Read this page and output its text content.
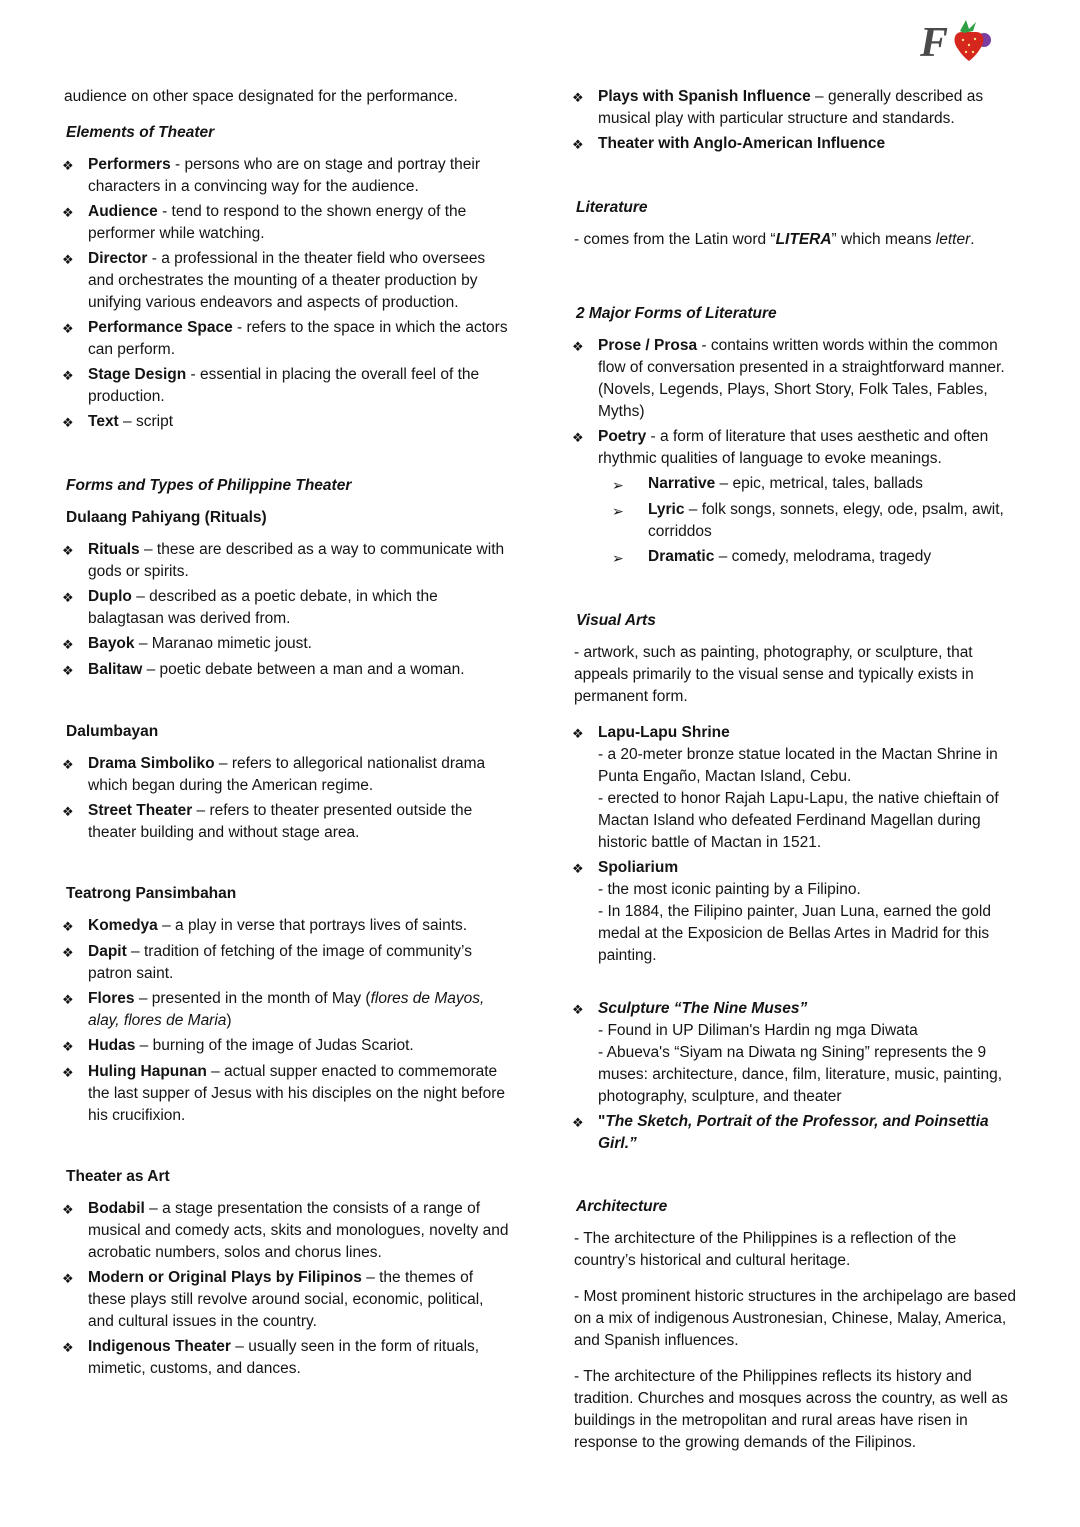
F

audience on other space designated for the performance.

Elements of Theater
❖ Performers - persons who are on stage and portray their characters in a convincing way for the audience.
❖ Audience - tend to respond to the shown energy of the performer while watching.
❖ Director - a professional in the theater field who oversees and orchestrates the mounting of a theater production by unifying various endeavors and aspects of production.
❖ Performance Space - refers to the space in which the actors can perform.
❖ Stage Design - essential in placing the overall feel of the production.
❖ Text – script
Forms and Types of Philippine Theater
Dulaang Pahiyang (Rituals)
❖ Rituals – these are described as a way to communicate with gods or spirits.
❖ Duplo – described as a poetic debate, in which the balagtasan was derived from.
❖ Bayok – Maranao mimetic joust.
❖ Balitaw – poetic debate between a man and a woman.
Dalumbayan
❖ Drama Simboliko – refers to allegorical nationalist drama which began during the American regime.
❖ Street Theater – refers to theater presented outside the theater building and without stage area.
Teatrong Pansimbahan
❖ Komedya – a play in verse that portrays lives of saints.
❖ Dapit – tradition of fetching of the image of community’s patron saint.
❖ Flores – presented in the month of May (flores de Mayos, alay, flores de Maria)
❖ Hudas – burning of the image of Judas Scariot.
❖ Huling Hapunan – actual supper enacted to commemorate the last supper of Jesus with his disciples on the night before his crucifixion.
Theater as Art
❖ Bodabil – a stage presentation the consists of a range of musical and comedy acts, skits and monologues, novelty and acrobatic numbers, solos and chorus lines.
❖ Modern or Original Plays by Filipinos – the themes of these plays still revolve around social, economic, political, and cultural issues in the country.
❖ Indigenous Theater – usually seen in the form of rituals, mimetic, customs, and dances.
❖ Plays with Spanish Influence – generally described as musical play with particular structure and standards.
❖ Theater with Anglo-American Influence
Literature

- comes from the Latin word “LITERA” which means letter.

2 Major Forms of Literature
❖ Prose / Prosa - contains written words within the common flow of conversation presented in a straightforward manner. (Novels, Legends, Plays, Short Story, Folk Tales, Fables, Myths)
❖ Poetry - a form of literature that uses aesthetic and often rhythmic qualities of language to evoke meanings.
➢	Narrative – epic, metrical, tales, ballads
➢	Lyric – folk songs, sonnets, elegy, ode, psalm, awit, corriddos
➢	Dramatic – comedy, melodrama, tragedy
Visual Arts

- artwork, such as painting, photography, or sculpture, that appeals primarily to the visual sense and typically exists in permanent form.

❖ Lapu-Lapu Shrine
- a 20-meter bronze statue located in the Mactan Shrine in Punta Engaño, Mactan Island, Cebu.
- erected to honor Rajah Lapu-Lapu, the native chieftain of Mactan Island who defeated Ferdinand Magellan during historic battle of Mactan in 1521.
❖ Spoliarium
- the most iconic painting by a Filipino.
- In 1884, the Filipino painter, Juan Luna, earned the gold medal at the Exposicion de Bellas Artes in Madrid for this painting.
❖ Sculpture “The Nine Muses”
- Found in UP Diliman's Hardin ng mga Diwata
- Abueva's “Siyam na Diwata ng Sining” represents the 9 muses: architecture, dance, film, literature, music, painting, photography, sculpture, and theater
❖ "The Sketch, Portrait of the Professor, and Poinsettia Girl.”
Architecture

- The architecture of the Philippines is a reflection of the country’s historical and cultural heritage.

- Most prominent historic structures in the archipelago are based on a mix of indigenous Austronesian, Chinese, Malay, America, and Spanish influences.

- The architecture of the Philippines reflects its history and tradition. Churches and mosques across the country, as well as buildings in the metropolitan and rural areas have risen in response to the growing demands of the Filipinos.
